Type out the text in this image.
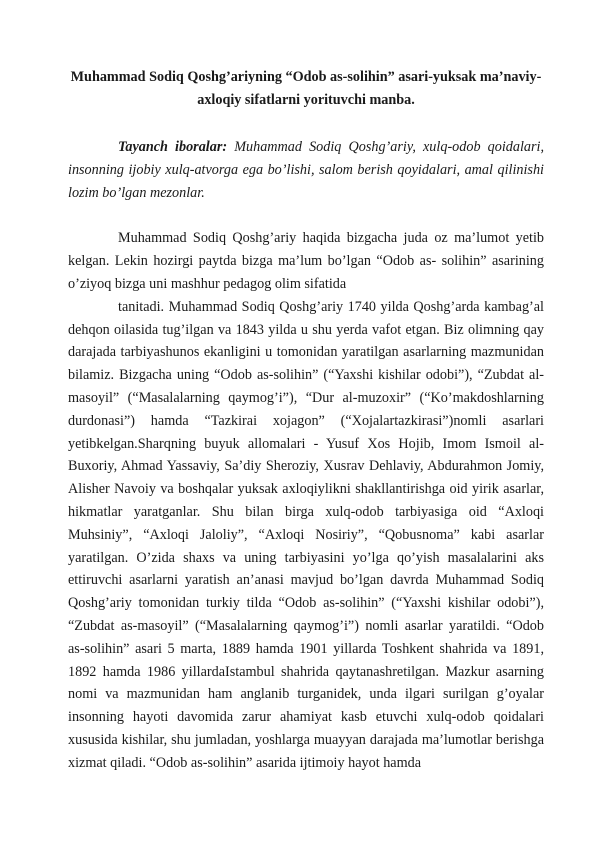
Muhammad Sodiq Qoshg’ariyning “Odob as-solihin” asari-yuksak ma’naviy-axloqiy sifatlarni yorituvchi manba.

Tayanch iboralar: Muhammad Sodiq Qoshg’ariy, xulq-odob qoidalari, insonning ijobiy xulq-atvorga ega bo’lishi, salom berish qoyidalari, amal qilinishi lozim bo’lgan mezonlar.

Muhammad Sodiq Qoshg’ariy haqida bizgacha juda oz ma’lumot yetib kelgan. Lekin hozirgi paytda bizga ma’lum bo’lgan “Odob as- solihin” asarining o’ziyoq bizga uni mashhur pedagog olim sifatida

tanitadi. Muhammad Sodiq Qoshg’ariy 1740 yilda Qoshg’arda kambag’al dehqon oilasida tug’ilgan va 1843 yilda u shu yerda vafot etgan. Biz olimning qay darajada tarbiyashunos ekanligini u tomonidan yaratilgan asarlarning mazmunidan bilamiz. Bizgacha uning “Odob as-solihin” (“Yaxshi kishilar odobi”), “Zubdat al-masoyil” (“Masalalarning qaymog’i”), “Dur al-muzoxir” (“Ko’makdoshlarning durdonasi”) hamda “Tazkirai xojagon” (“Xojalartazkirasi”)nomli asarlari yetibkelgan.Sharqning buyuk allomalari - Yusuf Xos Hojib, Imom Ismoil al-Buxoriy, Ahmad Yassaviy, Sa’diy Sheroziy, Xusrav Dehlaviy, Abdurahmon Jomiy, Alisher Navoiy va boshqalar yuksak axloqiylikni shakllantirishga oid yirik asarlar, hikmatlar yaratganlar. Shu bilan birga xulq-odob tarbiyasiga oid “Axloqi Muhsiniy”, “Axloqi Jaloliy”, “Axloqi Nosiriy”, “Qobusnoma” kabi asarlar yaratilgan. O’zida shaxs va uning tarbiyasini yo’lga qo’yish masalalarini aks ettiruvchi asarlarni yaratish an’anasi mavjud bo’lgan davrda Muhammad Sodiq Qoshg’ariy tomonidan turkiy tilda “Odob as-solihin” (“Yaxshi kishilar odobi”), “Zubdat as-masoyil” (“Masalalarning qaymog’i”) nomli asarlar yaratildi. “Odob as-solihin” asari 5 marta, 1889 hamda 1901 yillarda Toshkent shahrida va 1891, 1892 hamda 1986 yillardaIstambul shahrida qaytanashretilgan. Mazkur asarning nomi va mazmunidan ham anglanib turganidek, unda ilgari surilgan g’oyalar insonning hayoti davomida zarur ahamiyat kasb etuvchi xulq-odob qoidalari xususida kishilar, shu jumladan, yoshlarga muayyan darajada ma’lumotlar berishga xizmat qiladi. “Odob as-solihin” asarida ijtimoiy hayot hamda
